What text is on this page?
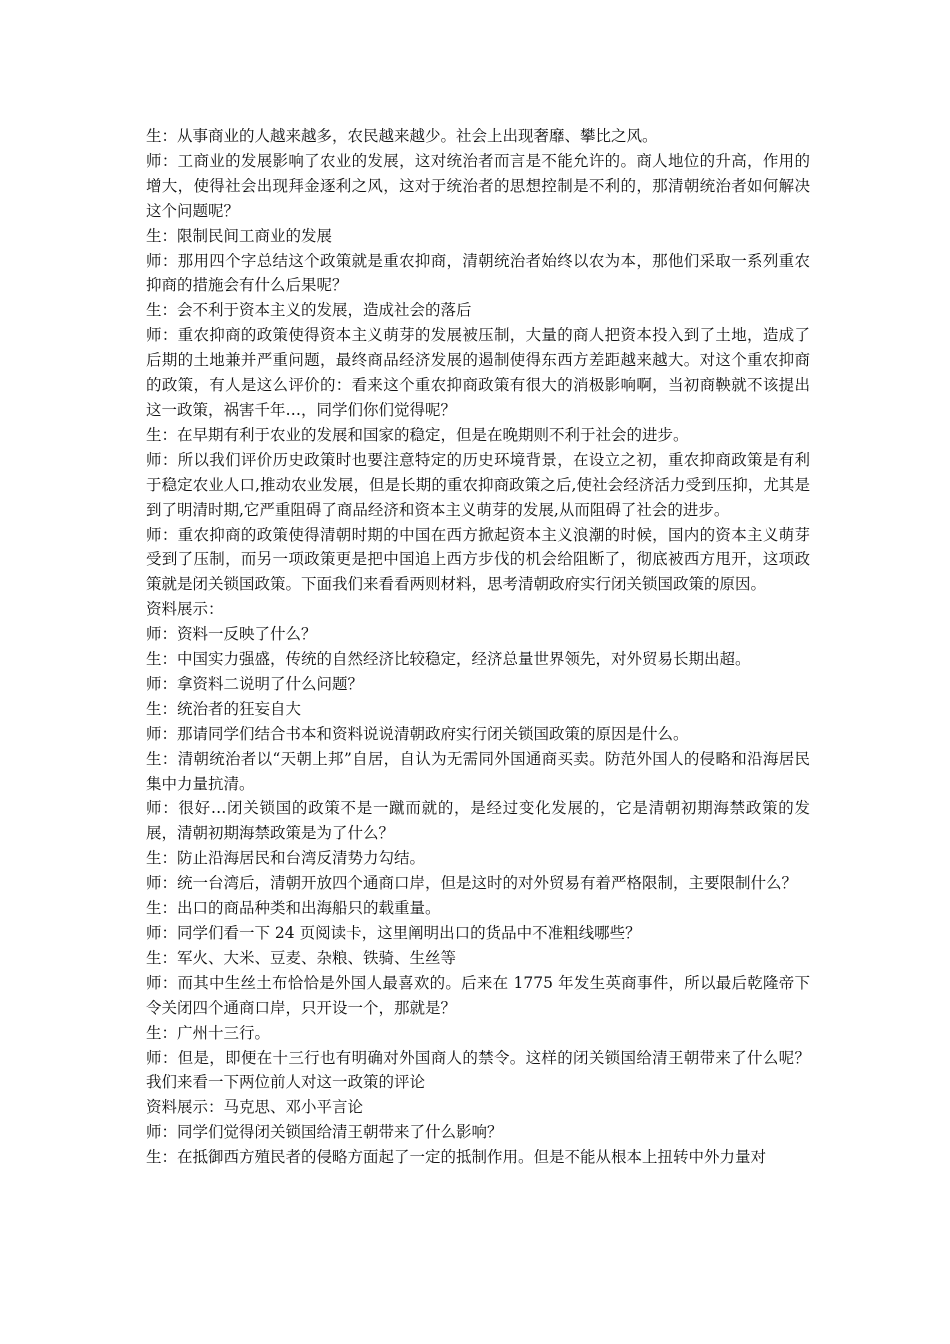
生：从事商业的人越来越多，农民越来越少。社会上出现奢靡、攀比之风。

师：工商业的发展影响了农业的发展，这对统治者而言是不能允许的。商人地位的升高，作用的增大，使得社会出现拜金逐利之风，这对于统治者的思想控制是不利的，那清朝统治者如何解决这个问题呢？

生：限制民间工商业的发展

师：那用四个字总结这个政策就是重农抑商，清朝统治者始终以农为本，那他们采取一系列重农抑商的措施会有什么后果呢？

生：会不利于资本主义的发展，造成社会的落后

师：重农抑商的政策使得资本主义萌芽的发展被压制，大量的商人把资本投入到了土地，造成了后期的土地兼并严重问题，最终商品经济发展的遏制使得东西方差距越来越大。对这个重农抑商的政策，有人是这么评价的：看来这个重农抑商政策有很大的消极影响啊，当初商鞅就不该提出这一政策，祸害千年…，同学们你们觉得呢？

生：在早期有利于农业的发展和国家的稳定，但是在晚期则不利于社会的进步。

师：所以我们评价历史政策时也要注意特定的历史环境背景，在设立之初，重农抑商政策是有利于稳定农业人口,推动农业发展，但是长期的重农抑商政策之后,使社会经济活力受到压抑，尤其是到了明清时期,它严重阻碍了商品经济和资本主义萌芽的发展,从而阻碍了社会的进步。

师：重农抑商的政策使得清朝时期的中国在西方掀起资本主义浪潮的时候，国内的资本主义萌芽受到了压制，而另一项政策更是把中国追上西方步伐的机会给阻断了，彻底被西方甩开，这项政策就是闭关锁国政策。下面我们来看看两则材料，思考清朝政府实行闭关锁国政策的原因。

资料展示：

师：资料一反映了什么？

生：中国实力强盛，传统的自然经济比较稳定，经济总量世界领先，对外贸易长期出超。

师：拿资料二说明了什么问题？

生：统治者的狂妄自大

师：那请同学们结合书本和资料说说清朝政府实行闭关锁国政策的原因是什么。

生：清朝统治者以“天朝上邦”自居，自认为无需同外国通商买卖。防范外国人的侵略和沿海居民集中力量抗清。

师：很好…闭关锁国的政策不是一蹴而就的，是经过变化发展的，它是清朝初期海禁政策的发展，清朝初期海禁政策是为了什么？

生：防止沿海居民和台湾反清势力勾结。

师：统一台湾后，清朝开放四个通商口岸，但是这时的对外贸易有着严格限制，主要限制什么？

生：出口的商品种类和出海船只的载重量。

师：同学们看一下 24 页阅读卡，这里阐明出口的货品中不准粗线哪些？

生：军火、大米、豆麦、杂粮、铁骑、生丝等

师：而其中生丝土布恰恰是外国人最喜欢的。后来在 1775 年发生英商事件，所以最后乾隆帝下令关闭四个通商口岸，只开设一个，那就是？

生：广州十三行。

师：但是，即便在十三行也有明确对外国商人的禁令。这样的闭关锁国给清王朝带来了什么呢？我们来看一下两位前人对这一政策的评论

资料展示：马克思、邓小平言论

师：同学们觉得闭关锁国给清王朝带来了什么影响？

生：在抵御西方殖民者的侵略方面起了一定的抵制作用。但是不能从根本上扭转中外力量对
